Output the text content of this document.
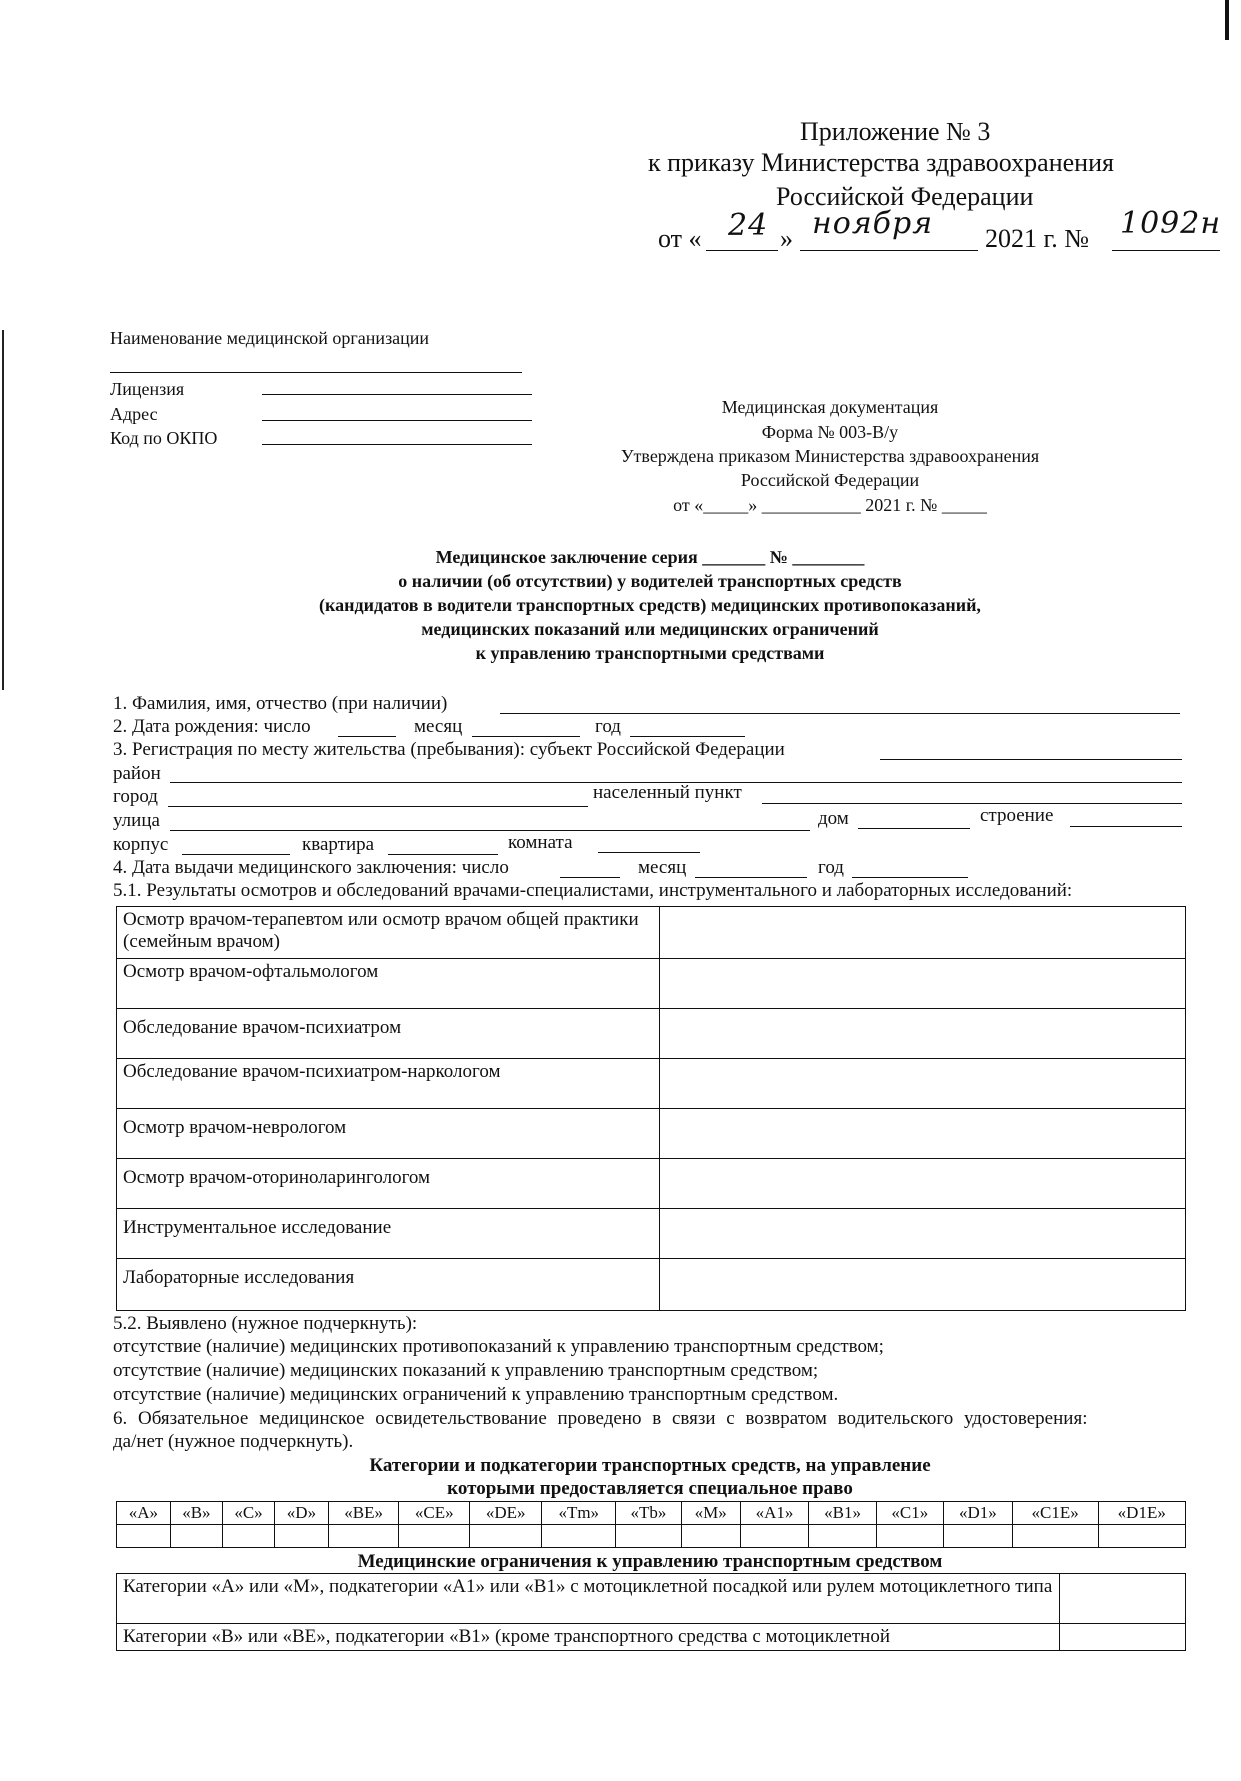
Приложение № 3
к приказу Министерства здравоохранения
Российской Федерации
от « 24 » ноября 2021 г. № 1092н
Наименование медицинской организации
Лицензия
Адрес
Код по ОКПО
Медицинская документация
Форма № 003-В/у
Утверждена приказом Министерства здравоохранения
Российской Федерации
от «_____» ___________ 2021 г. № _____
Медицинское заключение серия _______ № ________
о наличии (об отсутствии) у водителей транспортных средств
(кандидатов в водители транспортных средств) медицинских противопоказаний,
медицинских показаний или медицинских ограничений
к управлению транспортными средствами
1. Фамилия, имя, отчество (при наличии)
2. Дата рождения: число	месяц	год
3. Регистрация по месту жительства (пребывания): субъект Российской Федерации
район
город	населенный пункт
улица	дом	строение
корпус	квартира	комната
4. Дата выдачи медицинского заключения: число	месяц	год
5.1. Результаты осмотров и обследований врачами-специалистами, инструментального и лабораторных исследований:
Осмотр врачом-терапевтом или осмотр врачом общей практики (семейным врачом)	
Осмотр врачом-офтальмологом	
Обследование врачом-психиатром	
Обследование врачом-психиатром-наркологом	
Осмотр врачом-неврологом	
Осмотр врачом-оториноларингологом	
Инструментальное исследование	
Лабораторные исследования	
5.2. Выявлено (нужное подчеркнуть):
отсутствие (наличие) медицинских противопоказаний к управлению транспортным средством;
отсутствие (наличие) медицинских показаний к управлению транспортным средством;
отсутствие (наличие) медицинских ограничений к управлению транспортным средством.
6. Обязательное медицинское освидетельствование проведено в связи с возвратом водительского удостоверения:
да/нет (нужное подчеркнуть).
Категории и подкатегории транспортных средств, на управление
которыми предоставляется специальное право
«A»	«B»	«C»	«D»	«BE»	«CE»	«DE»	«Tm»	«Tb»	«M»	«A1»	«B1»	«C1»	«D1»	«C1E»	«D1E»

Медицинские ограничения к управлению транспортным средством
Категории «А» или «М», подкатегории «А1» или «В1» с мотоциклетной посадкой или рулем мотоциклетного типа	
Категории «В» или «ВЕ», подкатегории «В1» (кроме транспортного средства с мотоциклетной	
